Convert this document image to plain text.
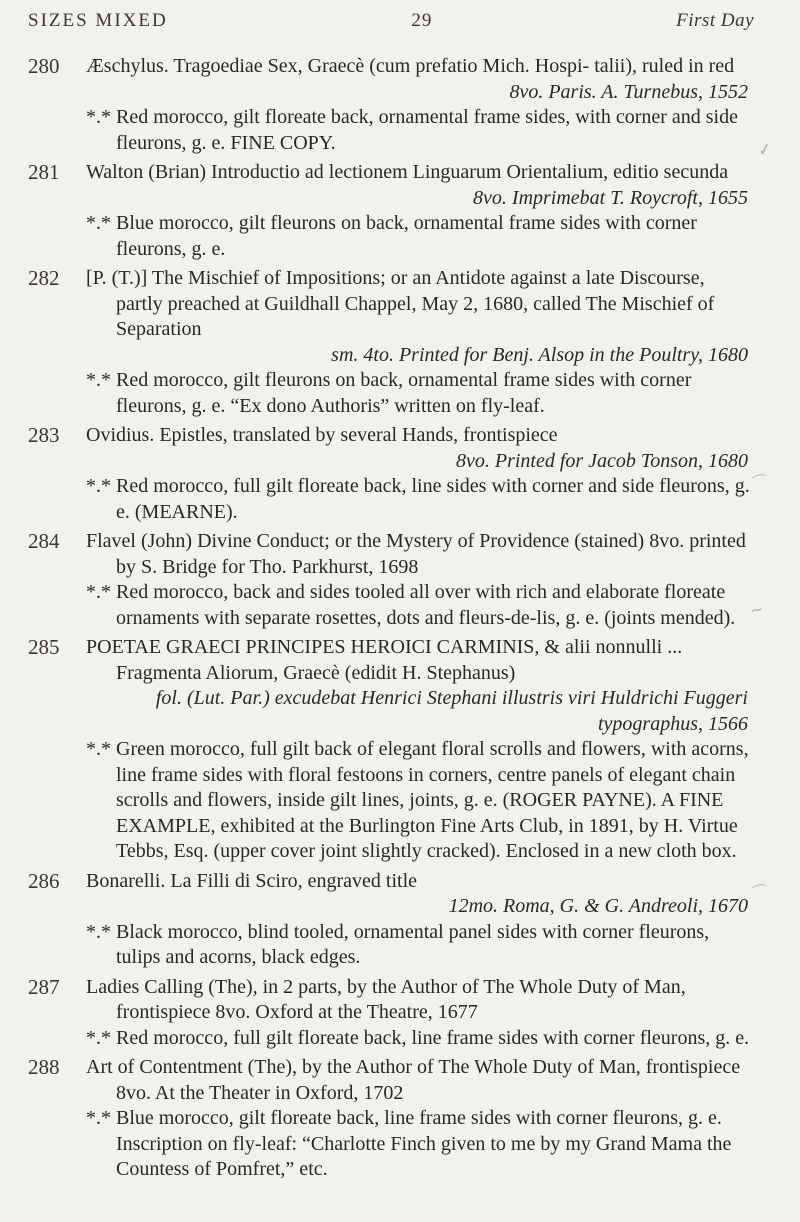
SIZES MIXED	29	First Day
280	Æschylus. Tragoediae Sex, Graecè (cum prefatio Mich. Hospi- talii), ruled in red

8vo. Paris. A. Turnebus, 1552

*.* Red morocco, gilt floreate back, ornamental frame sides, with corner and side fleurons, g. e. FINE COPY.

281	Walton (Brian) Introductio ad lectionem Linguarum Orientalium, editio secunda

8vo. Imprimebat T. Roycroft, 1655

*.* Blue morocco, gilt fleurons on back, ornamental frame sides with corner fleurons, g. e.

282	[P. (T.)] The Mischief of Impositions; or an Antidote against a late Discourse, partly preached at Guildhall Chappel, May 2, 1680, called The Mischief of Separation

sm. 4to. Printed for Benj. Alsop in the Poultry, 1680

*.* Red morocco, gilt fleurons on back, ornamental frame sides with corner fleurons, g. e. “Ex dono Authoris” written on fly-leaf.

283	Ovidius. Epistles, translated by several Hands, frontispiece

8vo. Printed for Jacob Tonson, 1680

*.* Red morocco, full gilt floreate back, line sides with corner and side fleurons, g. e. (MEARNE).

284	Flavel (John) Divine Conduct; or the Mystery of Providence (stained) 8vo. printed by S. Bridge for Tho. Parkhurst, 1698

*.* Red morocco, back and sides tooled all over with rich and elaborate floreate ornaments with separate rosettes, dots and fleurs-de-lis, g. e. (joints mended).

285	POETAE GRAECI PRINCIPES HEROICI CARMINIS, & alii nonnulli ... Fragmenta Aliorum, Graecè (edidit H. Stephanus)

fol. (Lut. Par.) excudebat Henrici Stephani illustris viri Huldrichi Fuggeri typographus, 1566

*.* Green morocco, full gilt back of elegant floral scrolls and flowers, with acorns, line frame sides with floral festoons in corners, centre panels of elegant chain scrolls and flowers, inside gilt lines, joints, g. e. (ROGER PAYNE). A FINE EXAMPLE, exhibited at the Burlington Fine Arts Club, in 1891, by H. Virtue Tebbs, Esq. (upper cover joint slightly cracked). Enclosed in a new cloth box.

286	Bonarelli. La Filli di Sciro, engraved title

12mo. Roma, G. & G. Andreoli, 1670

*.* Black morocco, blind tooled, ornamental panel sides with corner fleurons, tulips and acorns, black edges.

287	Ladies Calling (The), in 2 parts, by the Author of The Whole Duty of Man, frontispiece 8vo. Oxford at the Theatre, 1677

*.* Red morocco, full gilt floreate back, line frame sides with corner fleurons, g. e.

288	Art of Contentment (The), by the Author of The Whole Duty of Man, frontispiece 8vo. At the Theater in Oxford, 1702

*.* Blue morocco, gilt floreate back, line frame sides with corner fleurons, g. e. Inscription on fly-leaf: “Charlotte Finch given to me by my Grand Mama the Countess of Pomfret,” etc.

✓
⌒
~
⌒
